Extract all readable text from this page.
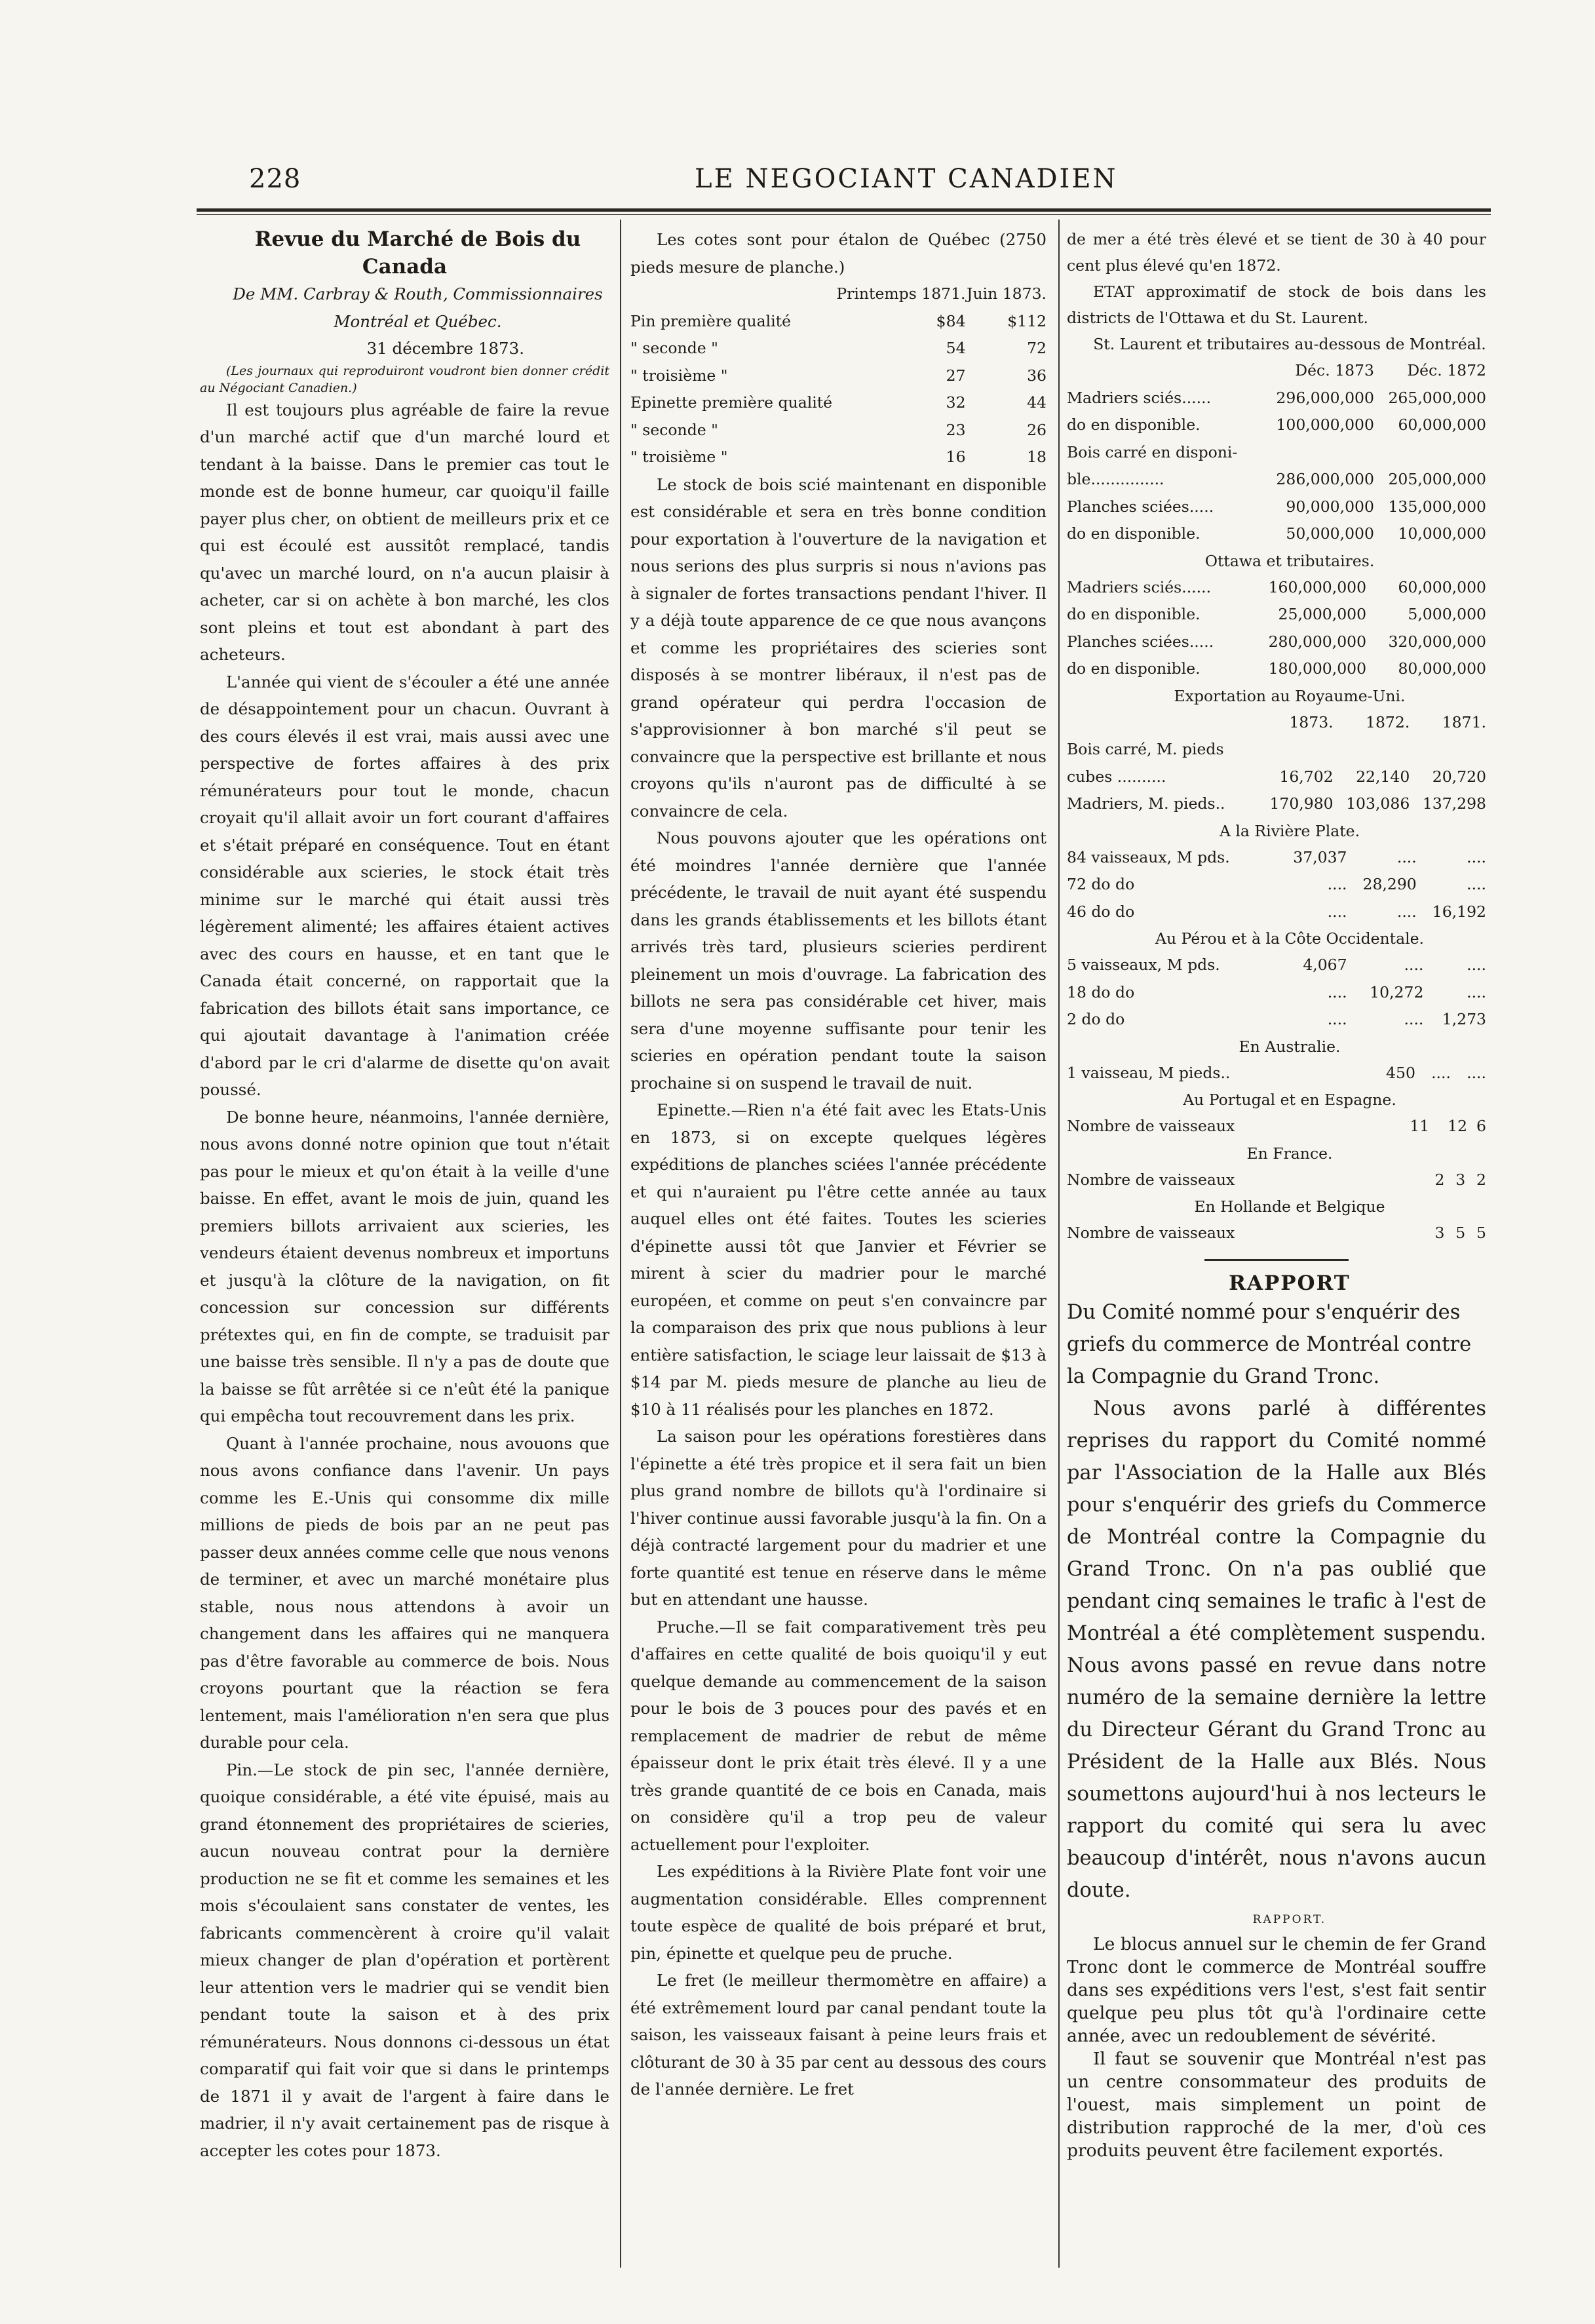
228	LE NEGOCIANT CANADIEN

Revue du Marché de Bois du Canada

De MM. Carbray & Routh, Commissionnaires

Montréal et Québec.

31 décembre 1873.

(Les journaux qui reproduiront voudront bien donner crédit au Négociant Canadien.)

Il est toujours plus agréable de faire la revue d'un marché actif que d'un marché lourd et tendant à la baisse. Dans le premier cas tout le monde est de bonne humeur, car quoiqu'il faille payer plus cher, on obtient de meilleurs prix et ce qui est écoulé est aussitôt remplacé, tandis qu'avec un marché lourd, on n'a aucun plaisir à acheter, car si on achète à bon marché, les clos sont pleins et tout est abondant à part des acheteurs.

L'année qui vient de s'écouler a été une année de désappointement pour un chacun. Ouvrant à des cours élevés il est vrai, mais aussi avec une perspective de fortes affaires à des prix rémunérateurs pour tout le monde, chacun croyait qu'il allait avoir un fort courant d'affaires et s'était préparé en conséquence. Tout en étant considérable aux scieries, le stock était très minime sur le marché qui était aussi très légèrement alimenté; les affaires étaient actives avec des cours en hausse, et en tant que le Canada était concerné, on rapportait que la fabrication des billots était sans importance, ce qui ajoutait davantage à l'animation créée d'abord par le cri d'alarme de disette qu'on avait poussé.

De bonne heure, néanmoins, l'année dernière, nous avons donné notre opinion que tout n'était pas pour le mieux et qu'on était à la veille d'une baisse. En effet, avant le mois de juin, quand les premiers billots arrivaient aux scieries, les vendeurs étaient devenus nombreux et importuns et jusqu'à la clôture de la navigation, on fit concession sur concession sur différents prétextes qui, en fin de compte, se traduisit par une baisse très sensible. Il n'y a pas de doute que la baisse se fût arrêtée si ce n'eût été la panique qui empêcha tout recouvrement dans les prix.

Quant à l'année prochaine, nous avouons que nous avons confiance dans l'avenir. Un pays comme les E.-Unis qui consomme dix mille millions de pieds de bois par an ne peut pas passer deux années comme celle que nous venons de terminer, et avec un marché monétaire plus stable, nous nous attendons à avoir un changement dans les affaires qui ne manquera pas d'être favorable au commerce de bois. Nous croyons pourtant que la réaction se fera lentement, mais l'amélioration n'en sera que plus durable pour cela.

Pin.—Le stock de pin sec, l'année dernière, quoique considérable, a été vite épuisé, mais au grand étonnement des propriétaires de scieries, aucun nouveau contrat pour la dernière production ne se fit et comme les semaines et les mois s'écoulaient sans constater de ventes, les fabricants commencèrent à croire qu'il valait mieux changer de plan d'opération et portèrent leur attention vers le madrier qui se vendit bien pendant toute la saison et à des prix rémunérateurs. Nous donnons ci-dessous un état comparatif qui fait voir que si dans le printemps de 1871 il y avait de l'argent à faire dans le madrier, il n'y avait certainement pas de risque à accepter les cotes pour 1873.

Les cotes sont pour étalon de Québec (2750 pieds mesure de planche.)

	Printemps 1871.	Juin 1873.
Pin première qualité	$84	$112
" seconde "	54	72
" troisième "	27	36
Epinette première qualité	32	44
" seconde "	23	26
" troisième "	16	18

Le stock de bois scié maintenant en disponible est considérable et sera en très bonne condition pour exportation à l'ouverture de la navigation et nous serions des plus surpris si nous n'avions pas à signaler de fortes transactions pendant l'hiver. Il y a déjà toute apparence de ce que nous avançons et comme les propriétaires des scieries sont disposés à se montrer libéraux, il n'est pas de grand opérateur qui perdra l'occasion de s'approvisionner à bon marché s'il peut se convaincre que la perspective est brillante et nous croyons qu'ils n'auront pas de difficulté à se convaincre de cela.

Nous pouvons ajouter que les opérations ont été moindres l'année dernière que l'année précédente, le travail de nuit ayant été suspendu dans les grands établissements et les billots étant arrivés très tard, plusieurs scieries perdirent pleinement un mois d'ouvrage. La fabrication des billots ne sera pas considérable cet hiver, mais sera d'une moyenne suffisante pour tenir les scieries en opération pendant toute la saison prochaine si on suspend le travail de nuit.

Epinette.—Rien n'a été fait avec les Etats-Unis en 1873, si on excepte quelques légères expéditions de planches sciées l'année précédente et qui n'auraient pu l'être cette année au taux auquel elles ont été faites. Toutes les scieries d'épinette aussi tôt que Janvier et Février se mirent à scier du madrier pour le marché européen, et comme on peut s'en convaincre par la comparaison des prix que nous publions à leur entière satisfaction, le sciage leur laissait de $13 à $14 par M. pieds mesure de planche au lieu de $10 à 11 réalisés pour les planches en 1872.

La saison pour les opérations forestières dans l'épinette a été très propice et il sera fait un bien plus grand nombre de billots qu'à l'ordinaire si l'hiver continue aussi favorable jusqu'à la fin. On a déjà contracté largement pour du madrier et une forte quantité est tenue en réserve dans le même but en attendant une hausse.

Pruche.—Il se fait comparativement très peu d'affaires en cette qualité de bois quoiqu'il y eut quelque demande au commencement de la saison pour le bois de 3 pouces pour des pavés et en remplacement de madrier de rebut de même épaisseur dont le prix était très élevé. Il y a une très grande quantité de ce bois en Canada, mais on considère qu'il a trop peu de valeur actuellement pour l'exploiter.

Les expéditions à la Rivière Plate font voir une augmentation considérable. Elles comprennent toute espèce de qualité de bois préparé et brut, pin, épinette et quelque peu de pruche.

Le fret (le meilleur thermomètre en affaire) a été extrêmement lourd par canal pendant toute la saison, les vaisseaux faisant à peine leurs frais et clôturant de 30 à 35 par cent au dessous des cours de l'année dernière. Le fret

de mer a été très élevé et se tient de 30 à 40 pour cent plus élevé qu'en 1872.

ETAT approximatif de stock de bois dans les districts de l'Ottawa et du St. Laurent.

St. Laurent et tributaires au-dessous de Montréal.

	Déc. 1873	Déc. 1872
Madriers sciés......	296,000,000	265,000,000
do en disponible.	100,000,000	60,000,000
Bois carré en disponi-		
ble...............	286,000,000	205,000,000
Planches sciées.....	90,000,000	135,000,000
do en disponible.	50,000,000	10,000,000

Ottawa et tributaires.

Madriers sciés......	160,000,000	60,000,000
do en disponible.	25,000,000	5,000,000
Planches sciées.....	280,000,000	320,000,000
do en disponible.	180,000,000	80,000,000

Exportation au Royaume-Uni.

	1873.	1872.	1871.
Bois carré, M. pieds			
cubes ..........	16,702	22,140	20,720
Madriers, M. pieds..	170,980	103,086	137,298

A la Rivière Plate.

84 vaisseaux, M pds.	37,037	....	....
72 do do	....	28,290	....
46 do do	....	....	16,192

Au Pérou et à la Côte Occidentale.

5 vaisseaux, M pds.	4,067	....	....
18 do do	....	10,272	....
2 do do	....	....	1,273

En Australie.

1 vaisseau, M pieds..	450	....	....

Au Portugal et en Espagne.

Nombre de vaisseaux	11	12	6

En France.

Nombre de vaisseaux	2	3	2

En Hollande et Belgique

Nombre de vaisseaux	3	5	5

RAPPORT

Du Comité nommé pour s'enquérir des griefs du commerce de Montréal contre la Compagnie du Grand Tronc.

Nous avons parlé à différentes reprises du rapport du Comité nommé par l'Association de la Halle aux Blés pour s'enquérir des griefs du Commerce de Montréal contre la Compagnie du Grand Tronc. On n'a pas oublié que pendant cinq semaines le trafic à l'est de Montréal a été complètement suspendu. Nous avons passé en revue dans notre numéro de la semaine dernière la lettre du Directeur Gérant du Grand Tronc au Président de la Halle aux Blés. Nous soumettons aujourd'hui à nos lecteurs le rapport du comité qui sera lu avec beaucoup d'intérêt, nous n'avons aucun doute.

RAPPORT.

Le blocus annuel sur le chemin de fer Grand Tronc dont le commerce de Montréal souffre dans ses expéditions vers l'est, s'est fait sentir quelque peu plus tôt qu'à l'ordinaire cette année, avec un redoublement de sévérité.

Il faut se souvenir que Montréal n'est pas un centre consommateur des produits de l'ouest, mais simplement un point de distribution rapproché de la mer, d'où ces produits peuvent être facilement exportés.
